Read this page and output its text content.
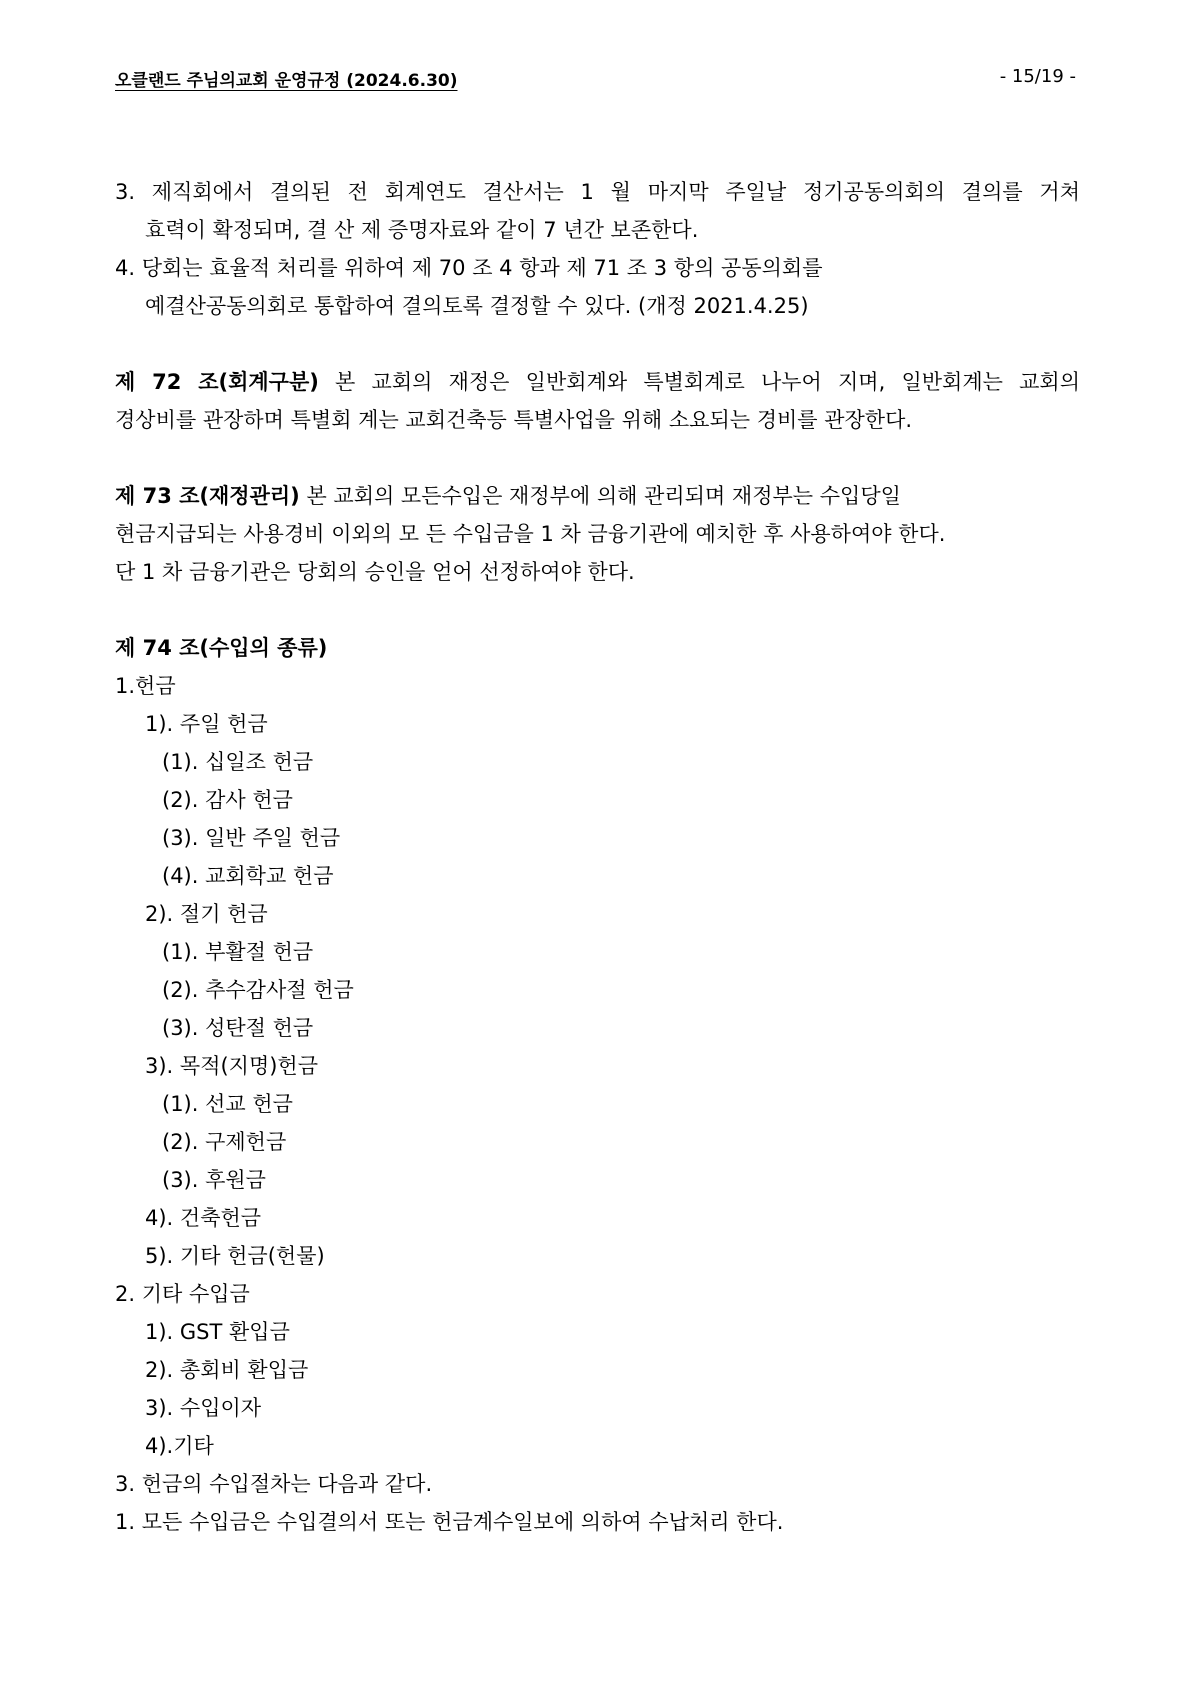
오클랜드 주님의교회 운영규정 (2024.6.30)	- 15/19 -
3. 제직회에서 결의된 전 회계연도 결산서는 1 월 마지막 주일날 정기공동의회의 결의를 거쳐
효력이 확정되며, 결 산 제 증명자료와 같이 7 년간 보존한다.
4. 당회는 효율적 처리를 위하여 제 70 조 4 항과 제 71 조 3 항의 공동의회를
예결산공동의회로 통합하여 결의토록 결정할 수 있다. (개정 2021.4.25)
제 72 조(회계구분) 본 교회의 재정은 일반회계와 특별회계로 나누어 지며, 일반회계는 교회의
경상비를 관장하며 특별회 계는 교회건축등 특별사업을 위해 소요되는 경비를 관장한다.
제 73 조(재정관리) 본 교회의 모든수입은 재정부에 의해 관리되며 재정부는 수입당일
현금지급되는 사용경비 이외의 모 든 수입금을 1 차 금융기관에 예치한 후 사용하여야 한다.
단 1 차 금융기관은 당회의 승인을 얻어 선정하여야 한다.
제 74 조(수입의 종류)
1.헌금
1). 주일 헌금
(1). 십일조 헌금
(2). 감사 헌금
(3). 일반 주일 헌금
(4). 교회학교 헌금
2). 절기 헌금
(1). 부활절 헌금
(2). 추수감사절 헌금
(3). 성탄절 헌금
3). 목적(지명)헌금
(1). 선교 헌금
(2). 구제헌금
(3). 후원금
4). 건축헌금
5). 기타 헌금(헌물)
2. 기타 수입금
1). GST 환입금
2). 총회비 환입금
3). 수입이자
4).기타
3. 헌금의 수입절차는 다음과 같다.
1. 모든 수입금은 수입결의서 또는 헌금계수일보에 의하여 수납처리 한다.
